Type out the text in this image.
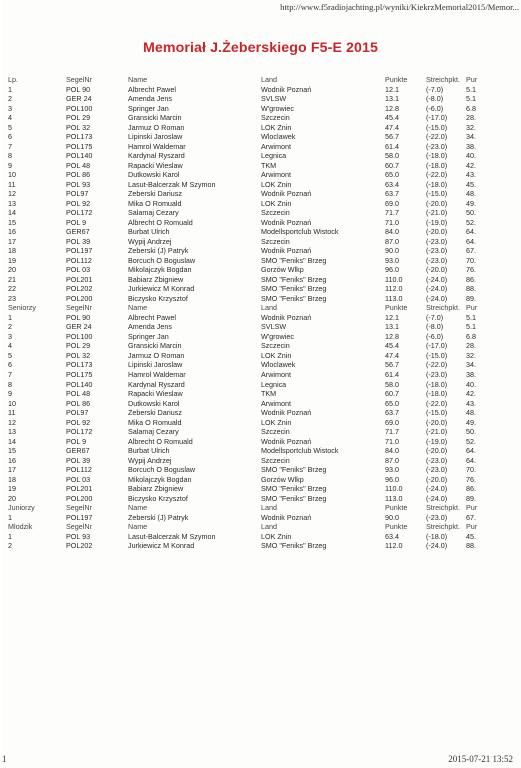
http://www.f5radiojachting.pl/wyniki/KiekrzMemorial2015/Memor...
Memoriał J.Żeberskiego F5-E 2015
Lp.	SegelNr	Name	Land	Punkte	Streichpkt. Pur
1	POL 90	Albrecht Pawel	Wodnik Poznań	12.1	(-7.0)	5.1
2	GER 24	Amenda Jens	SVLSW	13.1	(-8.0)	5.1
3	POL100	Springer Jan	W'growiec	12.8	(-6.0)	6.8
4	POL 29	Gransicki Marcin	Szczecin	45.4	(-17.0)	28.
5	POL 32	Jarmuz O Roman	LOK Znin	47.4	(-15.0)	32.
6	POL173	Lipinski Jaroslaw	Wloclawek	56.7	(-22.0)	34.
7	POL175	Hamrol Waldemar	Arwimont	61.4	(-23.0)	38.
8	POL140	Kardynal Ryszard	Legnica	58.0	(-18.0)	40.
9	POL 48	Rapacki Wieslaw	TKM	60.7	(-18.0)	42.
10	POL 86	Dutkowski Karol	Arwimont	65.0	(-22.0)	43.
11	POL 93	Lasut-Balcerzak M Szymon	LOK Znin	63.4	(-18.0)	45.
12	POL97	Zeberski Dariusz	Wodnik Poznań	63.7	(-15.0)	48.
13	POL 92	Mika O Romuald	LOK Znin	69.0	(-20.0)	49.
14	POL172	Salamaj Cezary	Szczecin	71.7	(-21.0)	50.
15	POL 9	Albrecht O Romuald	Wodnik Poznań	71.0	(-19.0)	52.
16	GER67	Burbat Ulrich	Modellsportclub Wistock	84.0	(-20.0)	64.
17	POL 39	Wypij Andrzej	Szczecin	87.0	(-23.0)	64.
18	POL197	Zeberski (J) Patryk	Wodnik Poznań	90.0	(-23.0)	67.
19	POL112	Borcuch O Boguslaw	SMO "Feniks" Brzeg	93.0	(-23.0)	70.
20	POL 03	Mikolajczyk Bogdan	Gorzów Wlkp	96.0	(-20.0)	76.
21	POL201	Babiarz Zbigniew	SMO "Feniks" Brzeg	110.0	(-24.0)	86.
22	POL202	Jurkiewicz M Konrad	SMO "Feniks" Brzeg	112.0	(-24.0)	88.
23	POL200	Biczysko Krzysztof	SMO "Feniks" Brzeg	113.0	(-24.0)	89.
Seniorzy	SegelNr	Name	Land	Punkte	Streichpkt. Pur
1	POL 90	Albrecht Pawel	Wodnik Poznań	12.1	(-7.0)	5.1
2	GER 24	Amenda Jens	SVLSW	13.1	(-8.0)	5.1
3	POL100	Springer Jan	W'growiec	12.8	(-6.0)	6.8
4	POL 29	Gransicki Marcin	Szczecin	45.4	(-17.0)	28.
5	POL 32	Jarmuz O Roman	LOK Znin	47.4	(-15.0)	32.
6	POL173	Lipinski Jaroslaw	Wloclawek	56.7	(-22.0)	34.
7	POL175	Hamrol Waldemar	Arwimont	61.4	(-23.0)	38.
8	POL140	Kardynal Ryszard	Legnica	58.0	(-18.0)	40.
9	POL 48	Rapacki Wieslaw	TKM	60.7	(-18.0)	42.
10	POL 86	Dutkowski Karol	Arwimont	65.0	(-22.0)	43.
11	POL97	Zeberski Dariusz	Wodnik Poznań	63.7	(-15.0)	48.
12	POL 92	Mika O Romuald	LOK Znin	69.0	(-20.0)	49.
13	POL172	Salamaj Cezary	Szczecin	71.7	(-21.0)	50.
14	POL 9	Albrecht O Romuald	Wodnik Poznań	71.0	(-19.0)	52.
15	GER67	Burbat Ulrich	Modellsportclub Wistock	84.0	(-20.0)	64.
16	POL 39	Wypij Andrzej	Szczecin	87.0	(-23.0)	64.
17	POL112	Borcuch O Boguslaw	SMO "Feniks" Brzeg	93.0	(-23.0)	70.
18	POL 03	Mikolajczyk Bogdan	Gorzów Wlkp	96.0	(-20.0)	76.
19	POL201	Babiarz Zbigniew	SMO "Feniks" Brzeg	110.0	(-24.0)	86.
20	POL200	Biczysko Krzysztof	SMO "Feniks" Brzeg	113.0	(-24.0)	89.
Juniorzy	SegelNr	Name	Land	Punkte	Streichpkt. Pur
1	POL197	Zeberski (J) Patryk	Wodnik Poznań	90.0	(-23.0)	67.
Mlodzik	SegelNr	Name	Land	Punkte	Streichpkt. Pur
1	POL 93	Lasut-Balcerzak M Szymon	LOK Znin	63.4	(-18.0)	45.
2	POL202	Jurkiewicz M Konrad	SMO "Feniks" Brzeg	112.0	(-24.0)	88.
1	2015-07-21 13:52
